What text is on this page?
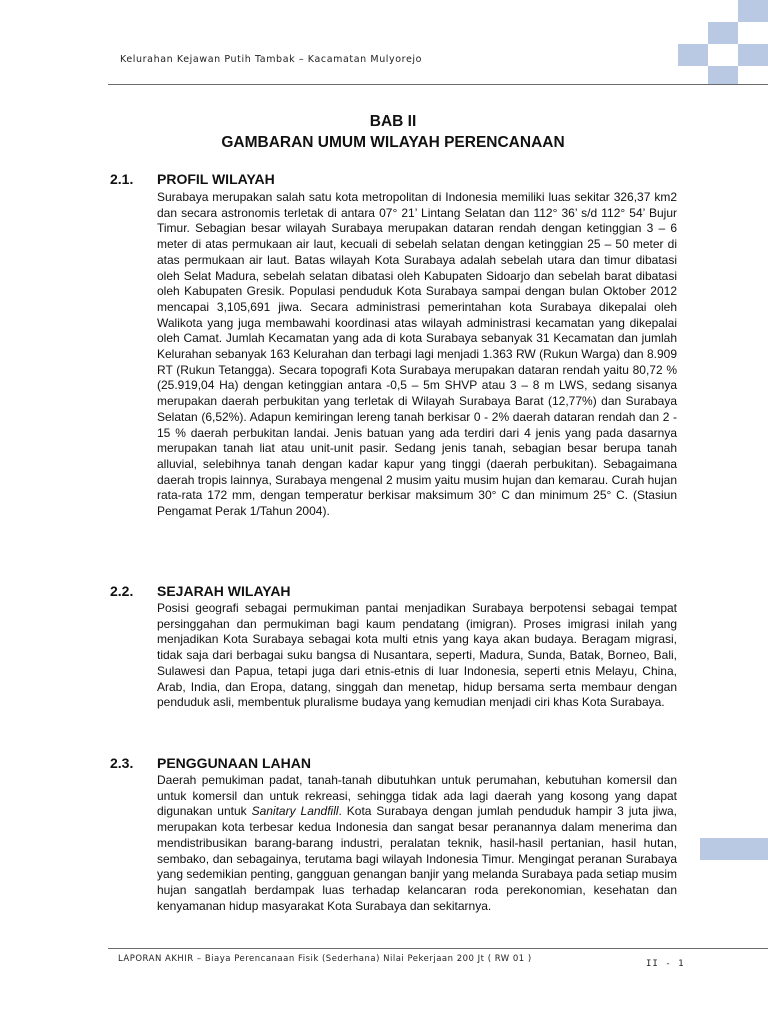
Kelurahan Kejawan Putih Tambak – Kacamatan Mulyorejo
BAB II
GAMBARAN UMUM WILAYAH PERENCANAAN
2.1. PROFIL WILAYAH

Surabaya merupakan salah satu kota metropolitan di Indonesia memiliki luas sekitar 326,37 km2 dan secara astronomis terletak di antara 07° 21’ Lintang Selatan dan 112° 36’ s/d 112° 54’ Bujur Timur. Sebagian besar wilayah Surabaya merupakan dataran rendah dengan ketinggian 3 – 6 meter di atas permukaan air laut, kecuali di sebelah selatan dengan ketinggian 25 – 50 meter di atas permukaan air laut. Batas wilayah Kota Surabaya adalah sebelah utara dan timur dibatasi oleh Selat Madura, sebelah selatan dibatasi oleh Kabupaten Sidoarjo dan sebelah barat dibatasi oleh Kabupaten Gresik. Populasi penduduk Kota Surabaya sampai dengan bulan Oktober 2012 mencapai 3,105,691 jiwa. Secara administrasi pemerintahan kota Surabaya dikepalai oleh Walikota yang juga membawahi koordinasi atas wilayah administrasi kecamatan yang dikepalai oleh Camat. Jumlah Kecamatan yang ada di kota Surabaya sebanyak 31 Kecamatan dan jumlah Kelurahan sebanyak 163 Kelurahan dan terbagi lagi menjadi 1.363 RW (Rukun Warga) dan 8.909 RT (Rukun Tetangga). Secara topografi Kota Surabaya merupakan dataran rendah yaitu 80,72 % (25.919,04 Ha) dengan ketinggian antara -0,5 – 5m SHVP atau 3 – 8 m LWS, sedang sisanya merupakan daerah perbukitan yang terletak di Wilayah Surabaya Barat (12,77%) dan Surabaya Selatan (6,52%). Adapun kemiringan lereng tanah berkisar 0 - 2% daerah dataran rendah dan 2 - 15 % daerah perbukitan landai. Jenis batuan yang ada terdiri dari 4 jenis yang pada dasarnya merupakan tanah liat atau unit-unit pasir. Sedang jenis tanah, sebagian besar berupa tanah alluvial, selebihnya tanah dengan kadar kapur yang tinggi (daerah perbukitan). Sebagaimana daerah tropis lainnya, Surabaya mengenal 2 musim yaitu musim hujan dan kemarau. Curah hujan rata-rata 172 mm, dengan temperatur berkisar maksimum 30° C dan minimum 25° C. (Stasiun Pengamat Perak 1/Tahun 2004).

2.2. SEJARAH WILAYAH

Posisi geografi sebagai permukiman pantai menjadikan Surabaya berpotensi sebagai tempat persinggahan dan permukiman bagi kaum pendatang (imigran). Proses imigrasi inilah yang menjadikan Kota Surabaya sebagai kota multi etnis yang kaya akan budaya. Beragam migrasi, tidak saja dari berbagai suku bangsa di Nusantara, seperti, Madura, Sunda, Batak, Borneo, Bali, Sulawesi dan Papua, tetapi juga dari etnis-etnis di luar Indonesia, seperti etnis Melayu, China, Arab, India, dan Eropa, datang, singgah dan menetap, hidup bersama serta membaur dengan penduduk asli, membentuk pluralisme budaya yang kemudian menjadi ciri khas Kota Surabaya.

2.3. PENGGUNAAN LAHAN

Daerah pemukiman padat, tanah-tanah dibutuhkan untuk perumahan, kebutuhan komersil dan untuk komersil dan untuk rekreasi, sehingga tidak ada lagi daerah yang kosong yang dapat digunakan untuk Sanitary Landfill. Kota Surabaya dengan jumlah penduduk hampir 3 juta jiwa, merupakan kota terbesar kedua Indonesia dan sangat besar peranannya dalam menerima dan mendistribusikan barang-barang industri, peralatan teknik, hasil-hasil pertanian, hasil hutan, sembako, dan sebagainya, terutama bagi wilayah Indonesia Timur. Mengingat peranan Surabaya yang sedemikian penting, gangguan genangan banjir yang melanda Surabaya pada setiap musim hujan sangatlah berdampak luas terhadap kelancaran roda perekonomian, kesehatan dan kenyamanan hidup masyarakat Kota Surabaya dan sekitarnya.

LAPORAN AKHIR – Biaya Perencanaan Fisik (Sederhana) Nilai Pekerjaan 200 Jt ( RW 01 )	II - 1
